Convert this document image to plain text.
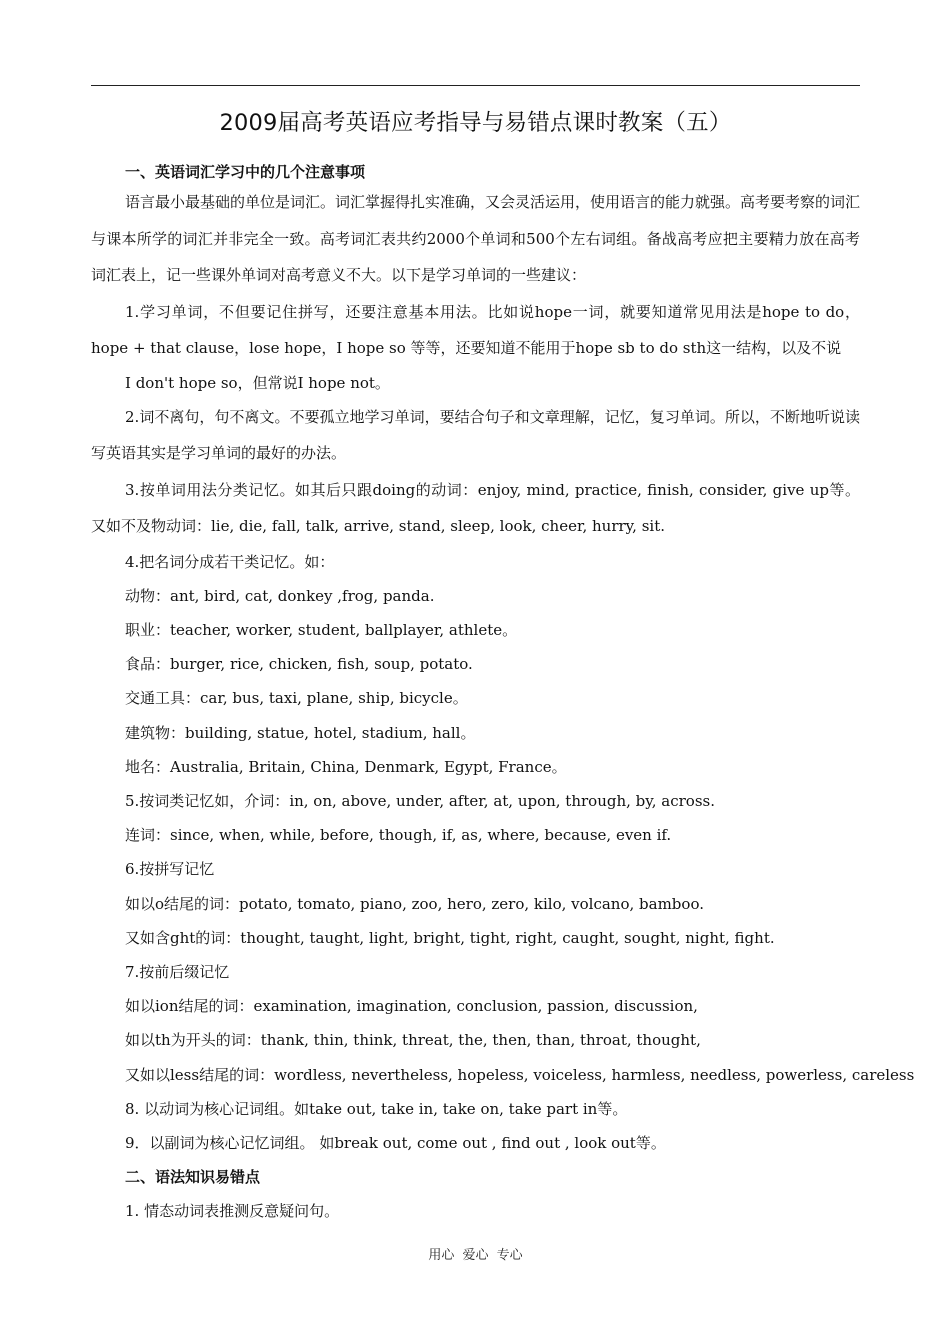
2009届高考英语应考指导与易错点课时教案（五）

一、英语词汇学习中的几个注意事项

语言最小最基础的单位是词汇。词汇掌握得扎实准确，又会灵活运用，使用语言的能力就强。高考要考察的词汇与课本所学的词汇并非完全一致。高考词汇表共约2000个单词和500个左右词组。备战高考应把主要精力放在高考词汇表上，记一些课外单词对高考意义不大。以下是学习单词的一些建议：

1.学习单词，不但要记住拼写，还要注意基本用法。比如说hope一词，就要知道常见用法是hope to do，hope + that clause，lose hope，I hope so 等等，还要知道不能用于hope sb to do sth这一结构，以及不说

I don't hope so，但常说I hope not。

2.词不离句，句不离文。不要孤立地学习单词，要结合句子和文章理解，记忆，复习单词。所以，不断地听说读写英语其实是学习单词的最好的办法。

3.按单词用法分类记忆。如其后只跟doing的动词：enjoy, mind, practice, finish, consider, give up等。又如不及物动词：lie, die, fall, talk, arrive, stand, sleep, look, cheer, hurry, sit.

4.把名词分成若干类记忆。如：

动物：ant, bird, cat, donkey ,frog, panda.

职业：teacher, worker, student, ballplayer, athlete。

食品：burger, rice, chicken, fish, soup, potato.

交通工具：car, bus, taxi, plane, ship, bicycle。

建筑物：building, statue, hotel, stadium, hall。

地名：Australia, Britain, China, Denmark, Egypt, France。

5.按词类记忆如，介词：in, on, above, under, after, at, upon, through, by, across.

连词：since, when, while, before, though, if, as, where, because, even if.

6.按拼写记忆

如以o结尾的词：potato, tomato, piano, zoo, hero, zero, kilo, volcano, bamboo.

又如含ght的词：thought, taught, light, bright, tight, right, caught, sought, night, fight.

7.按前后缀记忆

如以ion结尾的词：examination, imagination, conclusion, passion, discussion,

如以th为开头的词：thank, thin, think, threat, the, then, than, throat, thought,

又如以less结尾的词：wordless, nevertheless, hopeless, voiceless, harmless, needless, powerless, careless

8. 以动词为核心记词组。如take out, take in, take on, take part in等。

9．以副词为核心记忆词组。 如break out, come out , find out , look out等。

二、语法知识易错点

1. 情态动词表推测反意疑问句。

用心 爱心 专心
